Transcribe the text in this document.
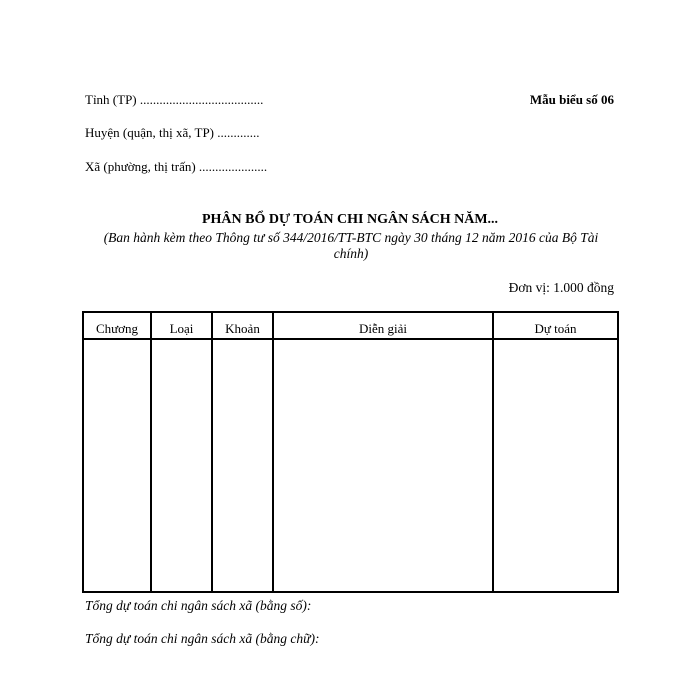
Tỉnh (TP) ......................................	Mẫu biểu số 06
Huyện (quận, thị xã, TP) .............
Xã (phường, thị trấn) .....................
PHÂN BỔ DỰ TOÁN CHI NGÂN SÁCH NĂM...
(Ban hành kèm theo Thông tư số 344/2016/TT-BTC ngày 30 tháng 12 năm 2016 của Bộ Tài chính)
Đơn vị: 1.000 đồng
Chương	Loại	Khoản	Diễn giải	Dự toán

Tổng dự toán chi ngân sách xã (bằng số):
Tổng dự toán chi ngân sách xã (bằng chữ):
